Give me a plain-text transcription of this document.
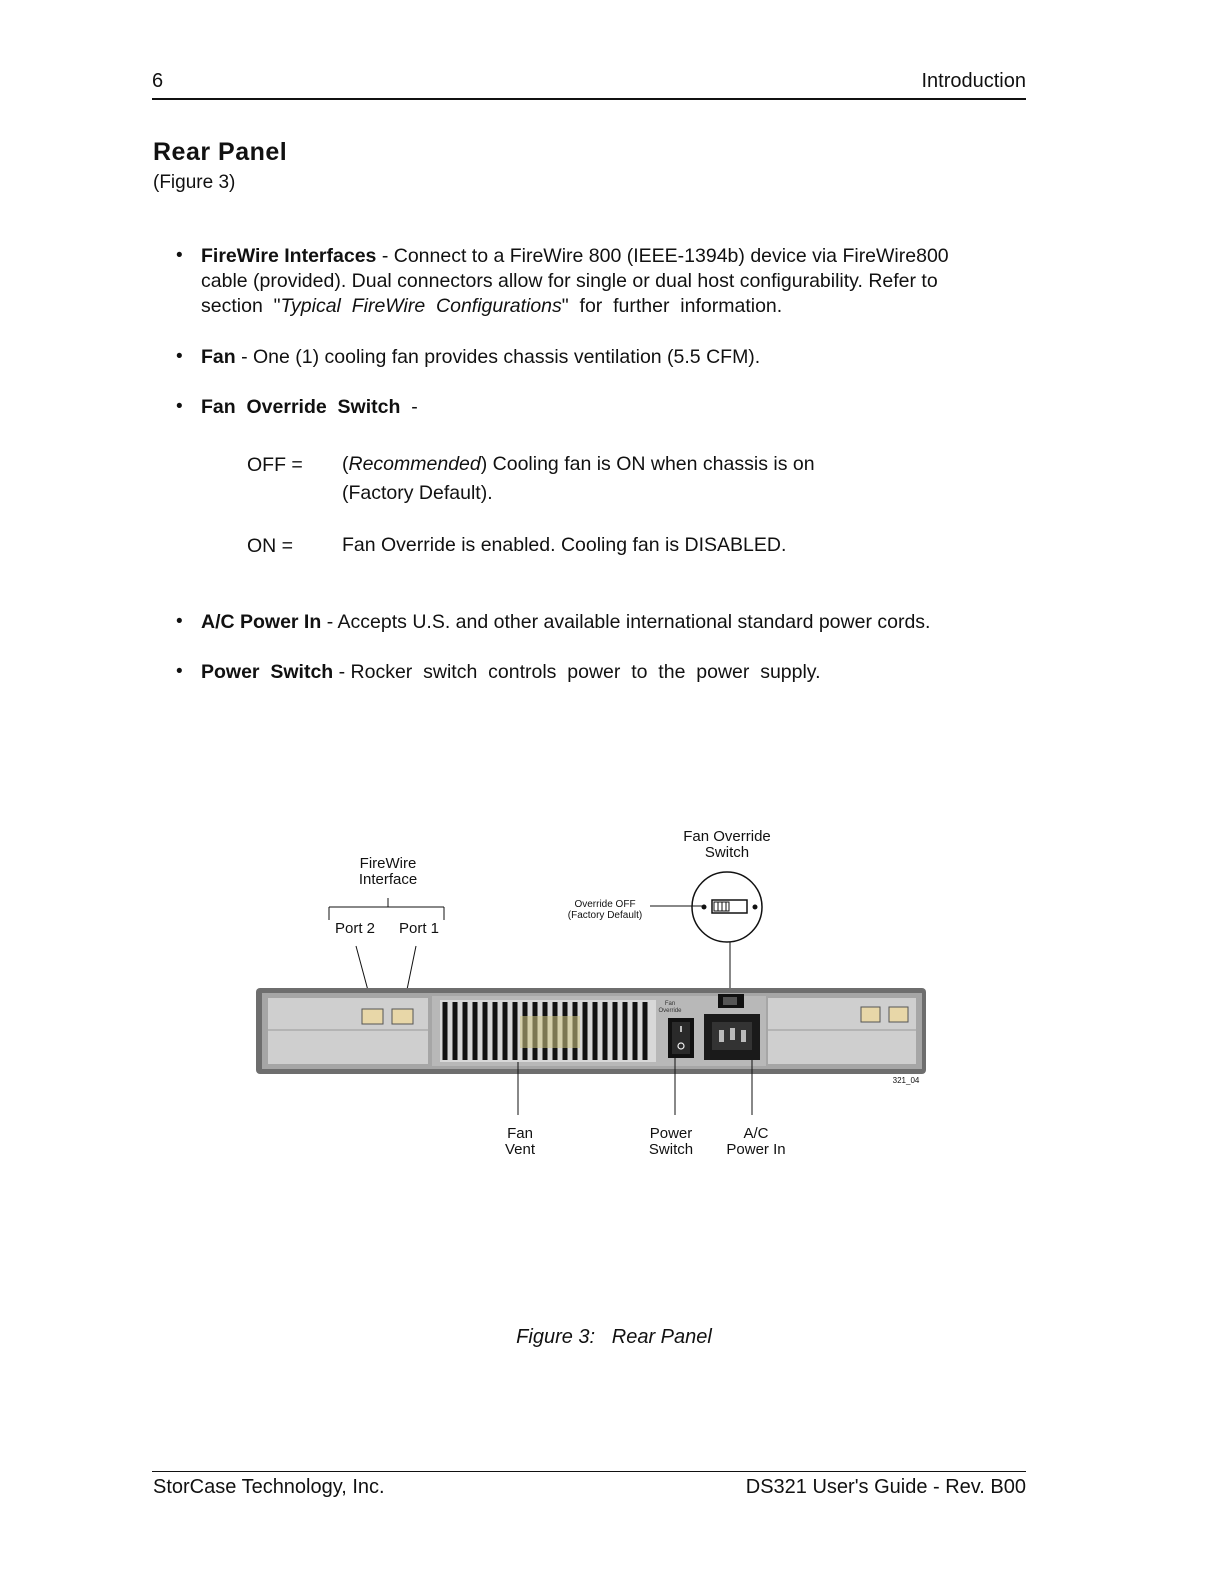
6	Introduction
Rear Panel
(Figure 3)
• FireWire Interfaces - Connect to a FireWire 800 (IEEE-1394b) device via FireWire800
cable (provided). Dual connectors allow for single or dual host configurability. Refer to
section  "Typical  FireWire  Configurations"  for  further  information.
• Fan - One (1) cooling fan provides chassis ventilation (5.5 CFM).
• Fan  Override  Switch  -
OFF = (Recommended) Cooling fan is ON when chassis is on
(Factory Default).
ON =	Fan Override is enabled. Cooling fan is DISABLED.
• A/C Power In - Accepts U.S. and other available international standard power cords.
• Power  Switch - Rocker  switch  controls  power  to  the  power  supply.
FireWire
Interface
Port 2	Port 1
Fan Override
Switch
Override OFF
(Factory Default)
Fan
Override
321_04
Fan
Vent
Power
Switch
A/C
Power In
Figure 3:   Rear Panel
StorCase Technology, Inc.	DS321 User's Guide - Rev. B00
